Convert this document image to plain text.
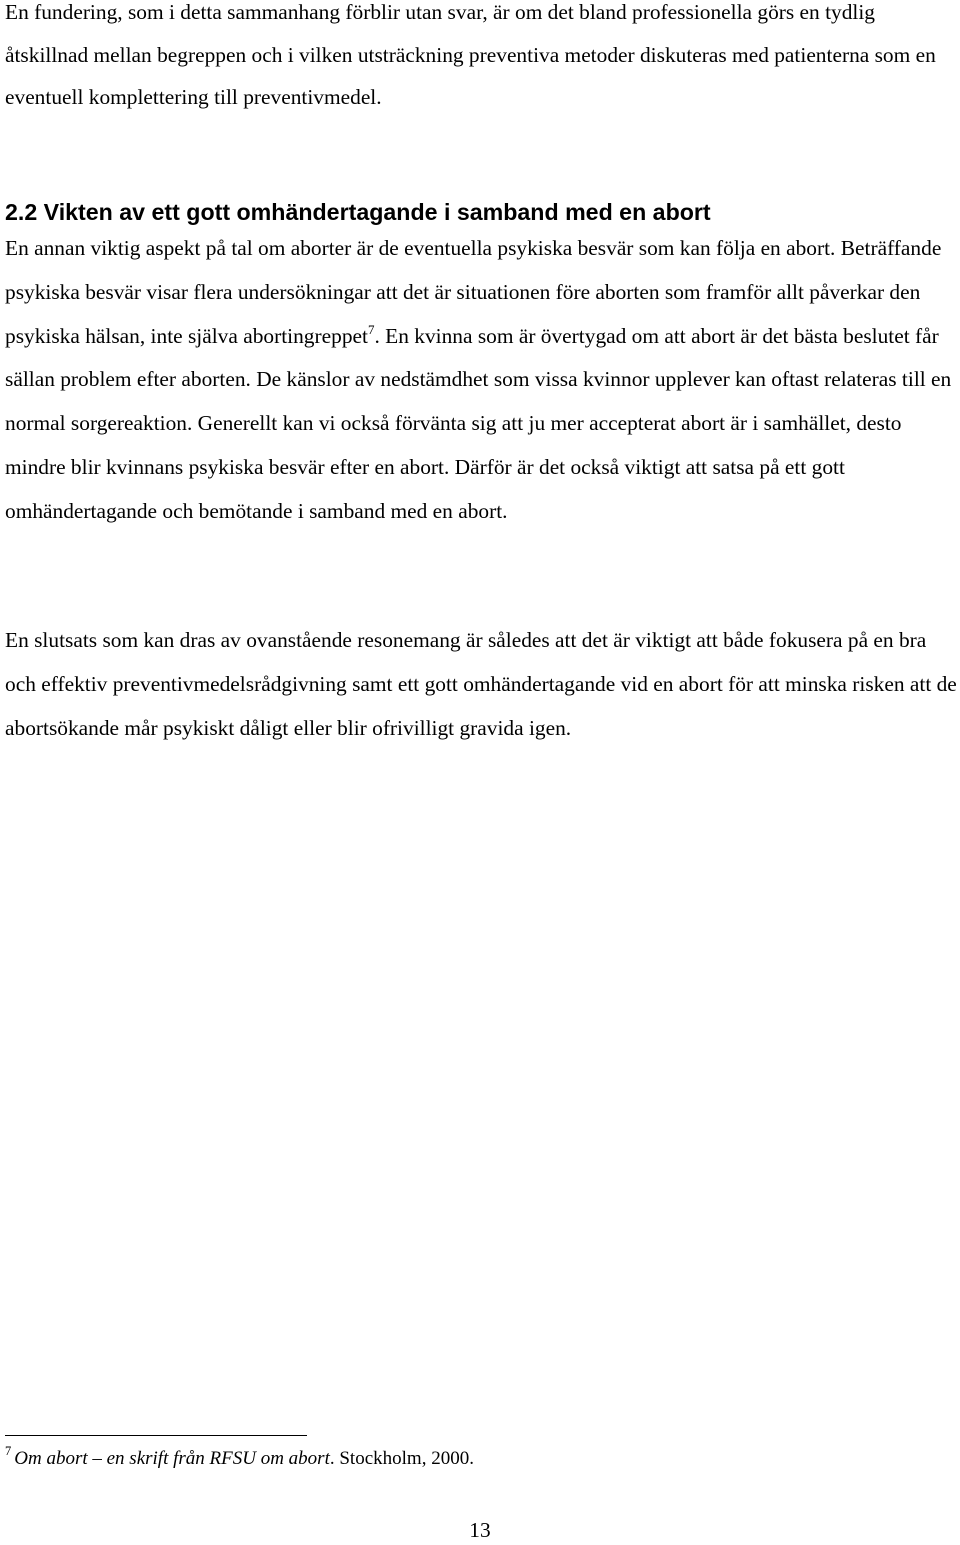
En fundering, som i detta sammanhang förblir utan svar, är om det bland professionella görs en tydlig åtskillnad mellan begreppen och i vilken utsträckning preventiva metoder diskuteras med patienterna som en eventuell komplettering till preventivmedel.

2.2 Vikten av ett gott omhändertagande i samband med en abort

En annan viktig aspekt på tal om aborter är de eventuella psykiska besvär som kan följa en abort. Beträffande psykiska besvär visar flera undersökningar att det är situationen före aborten som framför allt påverkar den psykiska hälsan, inte själva abortingreppet$^7$. En kvinna som är övertygad om att abort är det bästa beslutet får sällan problem efter aborten. De känslor av nedstämdhet som vissa kvinnor upplever kan oftast relateras till en normal sorgereaktion. Generellt kan vi också förvänta sig att ju mer accepterat abort är i samhället, desto mindre blir kvinnans psykiska besvär efter en abort. Därför är det också viktigt att satsa på ett gott omhändertagande och bemötande i samband med en abort.

En slutsats som kan dras av ovanstående resonemang är således att det är viktigt att både fokusera på en bra och effektiv preventivmedelsrådgivning samt ett gott omhändertagande vid en abort för att minska risken att de abortsökande mår psykiskt dåligt eller blir ofrivilligt gravida igen.

$^7$ Om abort – en skrift från RFSU om abort. Stockholm, 2000.

13
